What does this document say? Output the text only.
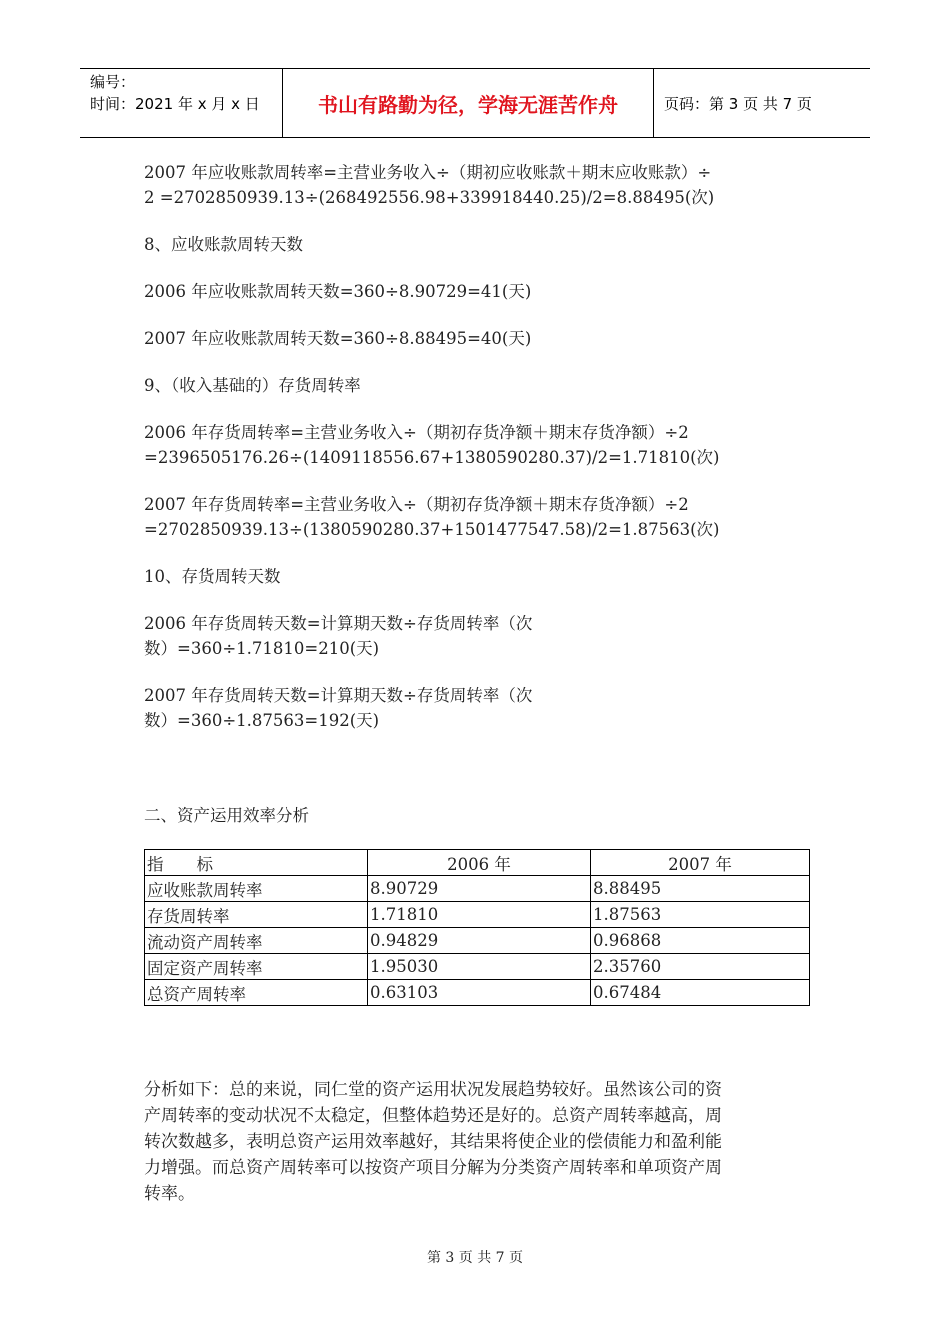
编号：
时间：2021 年 x 月 x 日	书山有路勤为径，学海无涯苦作舟	页码：第 3 页 共 7 页

2007 年应收账款周转率=主营业务收入÷（期初应收账款＋期末应收账款）÷
2 =2702850939.13÷(268492556.98+339918440.25)/2=8.88495(次)

8、应收账款周转天数

2006 年应收账款周转天数=360÷8.90729=41(天)

2007 年应收账款周转天数=360÷8.88495=40(天)

9、（收入基础的）存货周转率

2006 年存货周转率=主营业务收入÷（期初存货净额＋期末存货净额）÷2
=2396505176.26÷(1409118556.67+1380590280.37)/2=1.71810(次)

2007 年存货周转率=主营业务收入÷（期初存货净额＋期末存货净额）÷2
=2702850939.13÷(1380590280.37+1501477547.58)/2=1.87563(次)

10、存货周转天数

2006 年存货周转天数=计算期天数÷存货周转率（次
数）=360÷1.71810=210(天)

2007 年存货周转天数=计算期天数÷存货周转率（次
数）=360÷1.87563=192(天)

二、资产运用效率分析

指　　标	2006 年	2007 年
应收账款周转率	8.90729	8.88495
存货周转率	1.71810	1.87563
流动资产周转率	0.94829	0.96868
固定资产周转率	1.95030	2.35760
总资产周转率	0.63103	0.67484

分析如下：总的来说，同仁堂的资产运用状况发展趋势较好。虽然该公司的资
产周转率的变动状况不太稳定，但整体趋势还是好的。总资产周转率越高，周
转次数越多，表明总资产运用效率越好，其结果将使企业的偿债能力和盈利能
力增强。而总资产周转率可以按资产项目分解为分类资产周转率和单项资产周
转率。

第 3 页 共 7 页
